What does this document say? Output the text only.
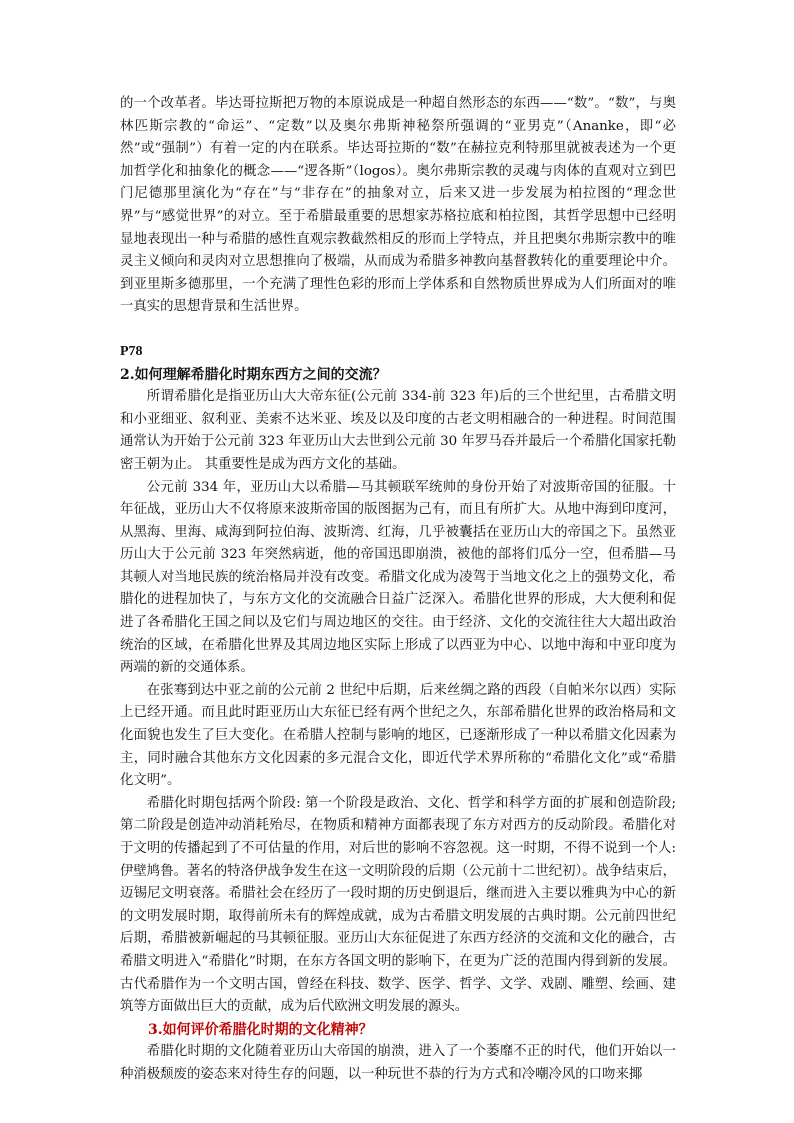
的一个改革者。毕达哥拉斯把万物的本原说成是一种超自然形态的东西——“数”。“数”，与奥林匹斯宗教的“命运”、“定数”以及奥尔弗斯神秘祭所强调的“亚男克”（Ananke，即“必然”或“强制”）有着一定的内在联系。毕达哥拉斯的“数”在赫拉克利特那里就被表述为一个更加哲学化和抽象化的概念——“逻各斯”（logos）。奥尔弗斯宗教的灵魂与肉体的直观对立到巴门尼德那里演化为“存在”与“非存在”的抽象对立，后来又进一步发展为柏拉图的“理念世界”与“感觉世界”的对立。至于希腊最重要的思想家苏格拉底和柏拉图，其哲学思想中已经明显地表现出一种与希腊的感性直观宗教截然相反的形而上学特点，并且把奥尔弗斯宗教中的唯灵主义倾向和灵肉对立思想推向了极端，从而成为希腊多神教向基督教转化的重要理论中介。到亚里斯多德那里，一个充满了理性色彩的形而上学体系和自然物质世界成为人们所面对的唯一真实的思想背景和生活世界。

P78

2.如何理解希腊化时期东西方之间的交流？

所谓希腊化是指亚历山大大帝东征(公元前 334-前 323 年)后的三个世纪里，古希腊文明和小亚细亚、叙利亚、美索不达米亚、埃及以及印度的古老文明相融合的一种进程。时间范围通常认为开始于公元前 323 年亚历山大去世到公元前 30 年罗马吞并最后一个希腊化国家托勒密王朝为止。 其重要性是成为西方文化的基础。

公元前 334 年，亚历山大以希腊—马其顿联军统帅的身份开始了对波斯帝国的征服。十年征战，亚历山大不仅将原来波斯帝国的版图据为己有，而且有所扩大。从地中海到印度河，从黑海、里海、咸海到阿拉伯海、波斯湾、红海，几乎被囊括在亚历山大的帝国之下。虽然亚历山大于公元前 323 年突然病逝，他的帝国迅即崩溃，被他的部将们瓜分一空，但希腊—马其顿人对当地民族的统治格局并没有改变。希腊文化成为凌驾于当地文化之上的强势文化，希腊化的进程加快了，与东方文化的交流融合日益广泛深入。希腊化世界的形成，大大便利和促进了各希腊化王国之间以及它们与周边地区的交往。由于经济、文化的交流往往大大超出政治统治的区域，在希腊化世界及其周边地区实际上形成了以西亚为中心、以地中海和中亚印度为两端的新的交通体系。

在张骞到达中亚之前的公元前 2 世纪中后期，后来丝绸之路的西段（自帕米尔以西）实际上已经开通。而且此时距亚历山大东征已经有两个世纪之久，东部希腊化世界的政治格局和文化面貌也发生了巨大变化。在希腊人控制与影响的地区，已逐渐形成了一种以希腊文化因素为主，同时融合其他东方文化因素的多元混合文化，即近代学术界所称的“希腊化文化”或“希腊化文明”。

希腊化时期包括两个阶段: 第一个阶段是政治、文化、哲学和科学方面的扩展和创造阶段; 第二阶段是创造冲动消耗殆尽，在物质和精神方面都表现了东方对西方的反动阶段。希腊化对于文明的传播起到了不可估量的作用，对后世的影响不容忽视。这一时期，不得不说到一个人: 伊壁鸠鲁。著名的特洛伊战争发生在这一文明阶段的后期（公元前十二世纪初）。战争结束后，迈锡尼文明衰落。希腊社会在经历了一段时期的历史倒退后，继而进入主要以雅典为中心的新的文明发展时期，取得前所未有的辉煌成就，成为古希腊文明发展的古典时期。公元前四世纪后期，希腊被新崛起的马其顿征服。亚历山大东征促进了东西方经济的交流和文化的融合，古希腊文明进入“希腊化”时期，在东方各国文明的影响下，在更为广泛的范围内得到新的发展。古代希腊作为一个文明古国，曾经在科技、数学、医学、哲学、文学、戏剧、雕塑、绘画、建筑等方面做出巨大的贡献，成为后代欧洲文明发展的源头。

3.如何评价希腊化时期的文化精神？

希腊化时期的文化随着亚历山大帝国的崩溃，进入了一个萎靡不正的时代，他们开始以一种消极颓废的姿态来对待生存的问题，以一种玩世不恭的行为方式和冷嘲冷风的口吻来揶
